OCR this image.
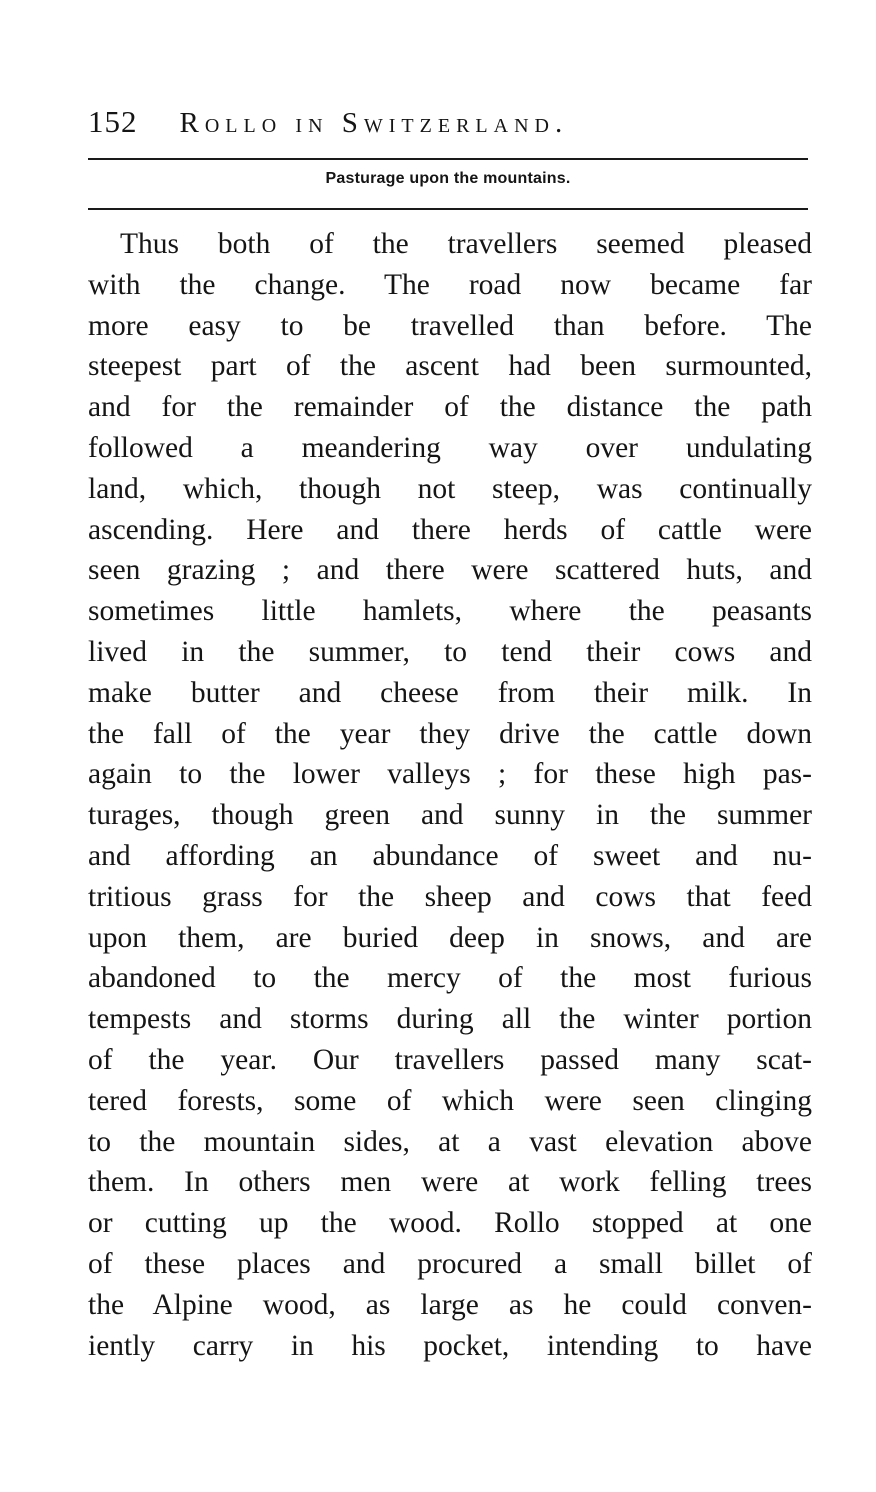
152 Rollo in Switzerland.
Pasturage upon the mountains.

Thus both of the travellers seemed pleased
with the change. The road now became far
more easy to be travelled than before. The
steepest part of the ascent had been surmounted,
and for the remainder of the distance the path
followed a meandering way over undulating
land, which, though not steep, was continually
ascending. Here and there herds of cattle were
seen grazing ; and there were scattered huts, and
sometimes little hamlets, where the peasants
lived in the summer, to tend their cows and
make butter and cheese from their milk. In
the fall of the year they drive the cattle down
again to the lower valleys ; for these high pas-
turages, though green and sunny in the summer
and affording an abundance of sweet and nu-
tritious grass for the sheep and cows that feed
upon them, are buried deep in snows, and are
abandoned to the mercy of the most furious
tempests and storms during all the winter portion
of the year. Our travellers passed many scat-
tered forests, some of which were seen clinging
to the mountain sides, at a vast elevation above
them. In others men were at work felling trees
or cutting up the wood. Rollo stopped at one
of these places and procured a small billet of
the Alpine wood, as large as he could conven-
iently carry in his pocket, intending to have
